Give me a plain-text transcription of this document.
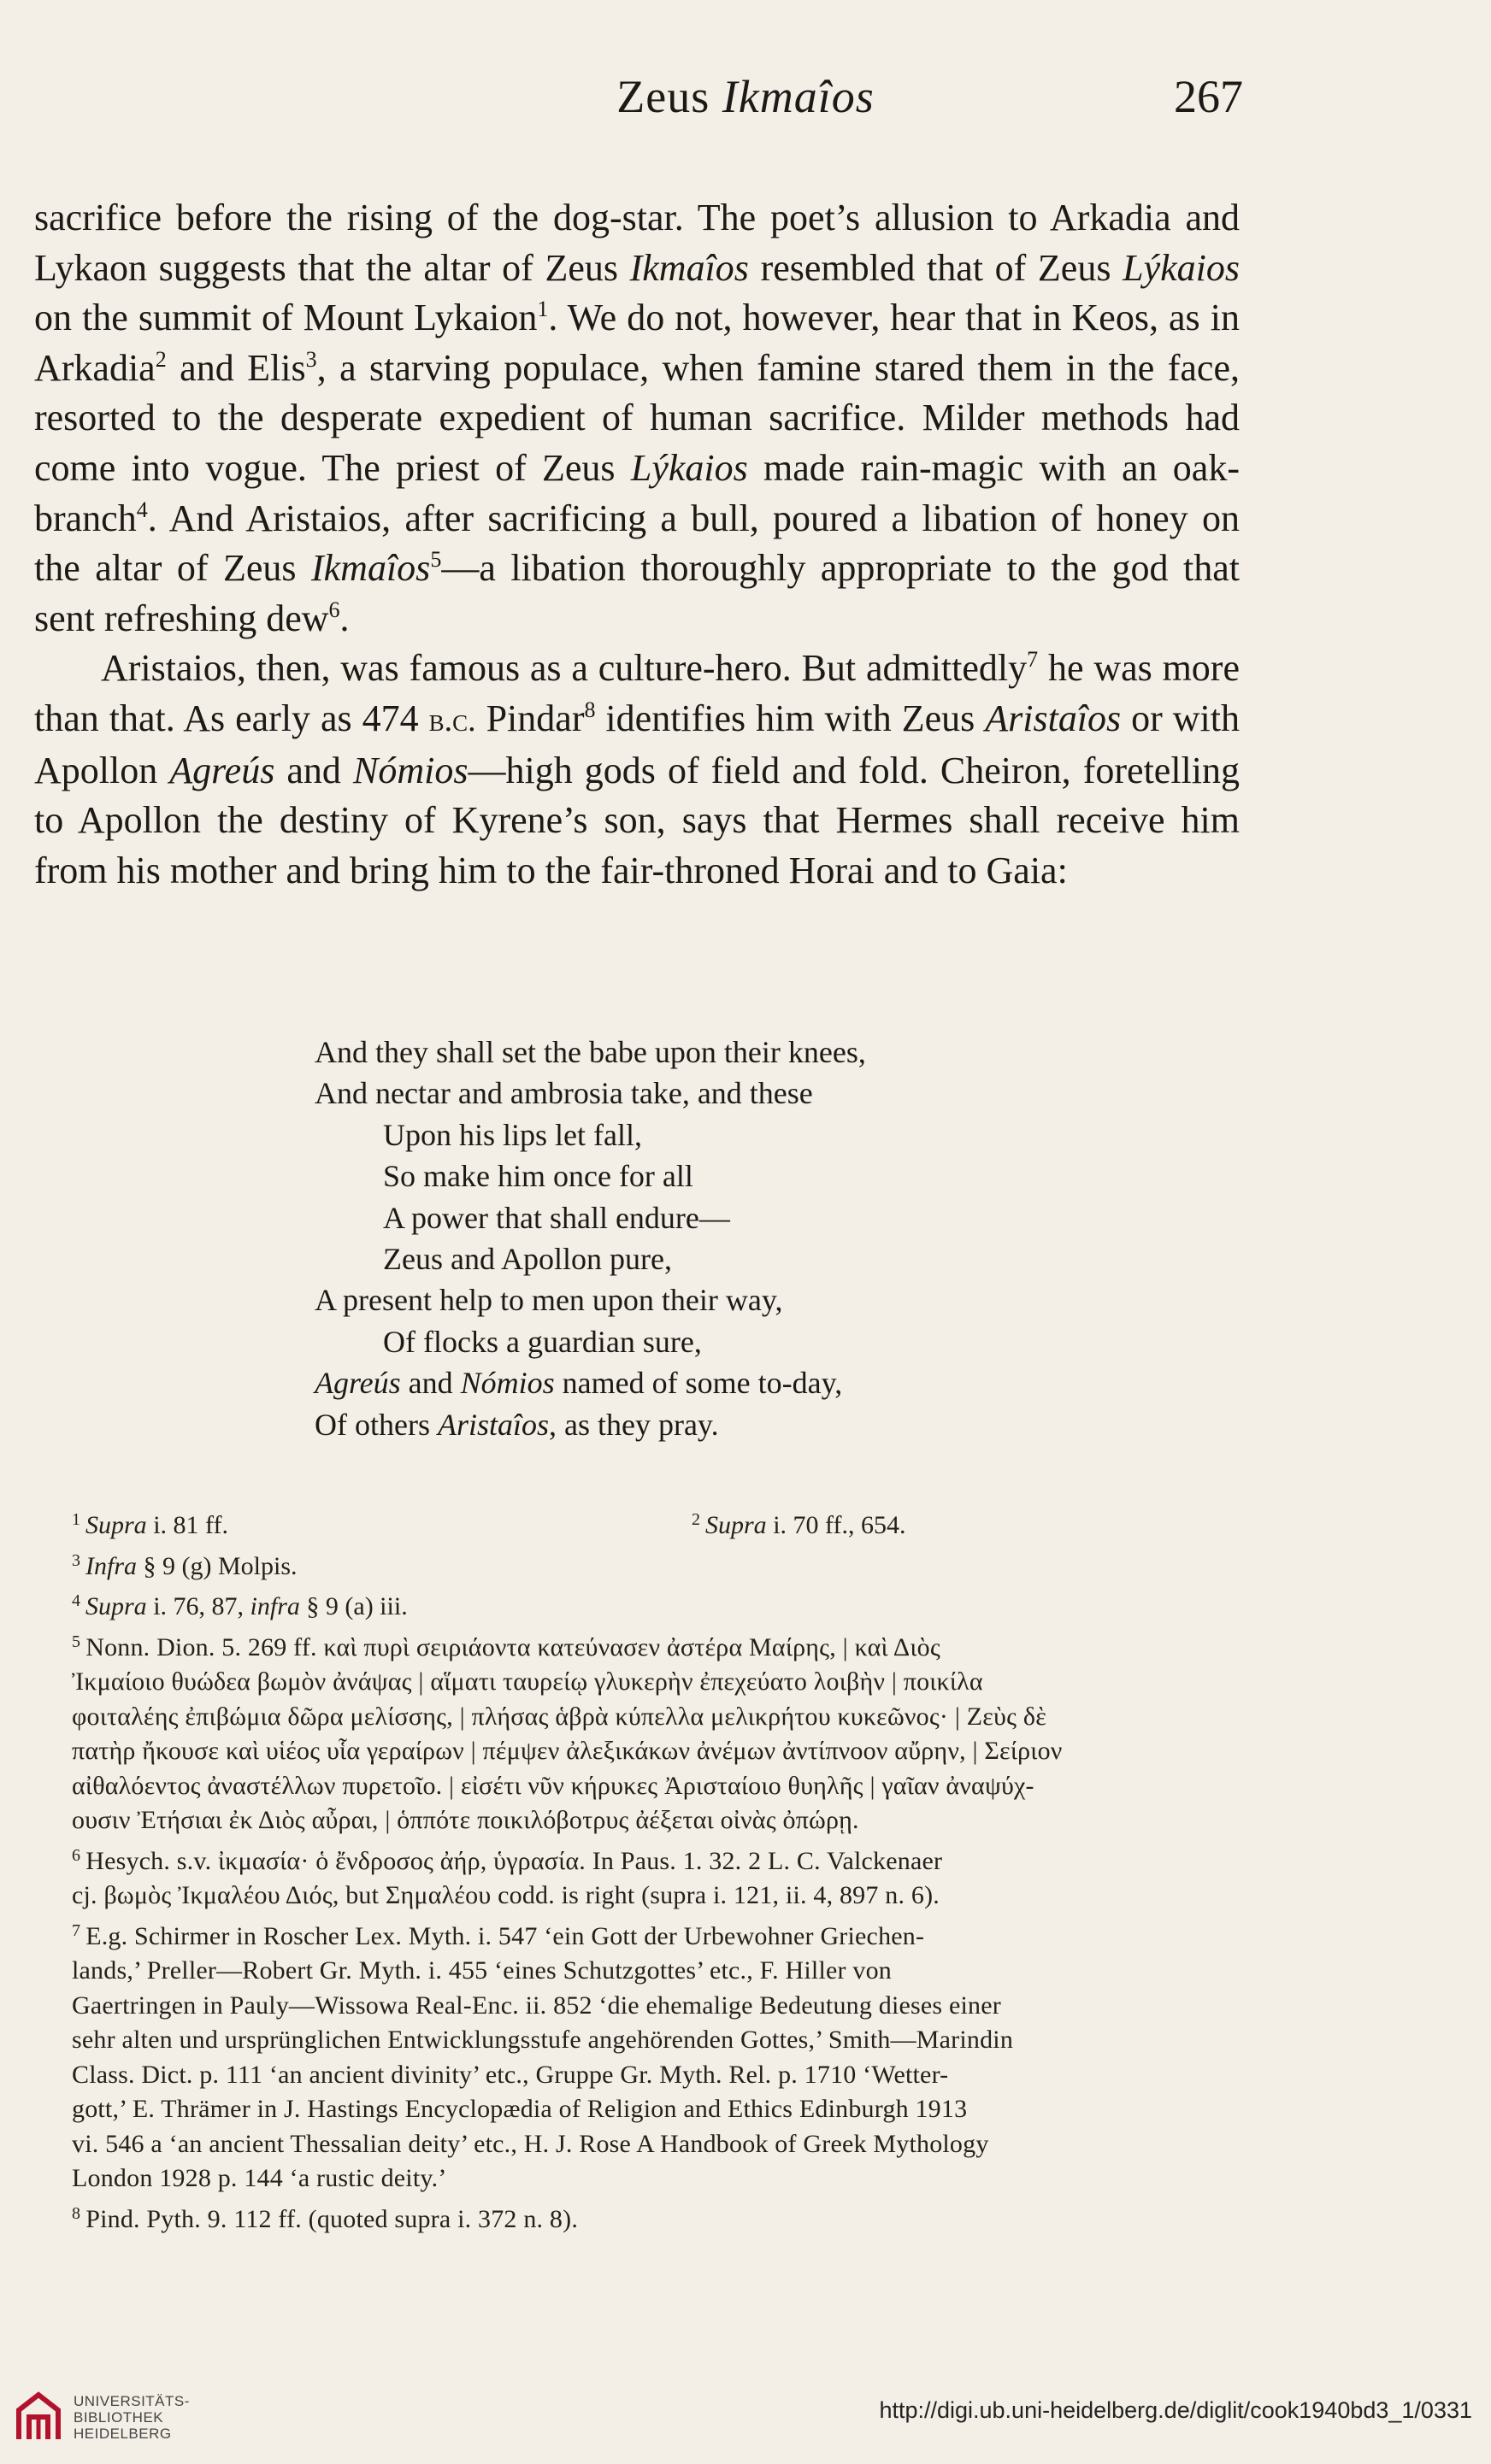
Zeus Ikmaîos	267

sacrifice before the rising of the dog-star. The poet’s allusion to Arkadia and Lykaon suggests that the altar of Zeus Ikmaîos resembled that of Zeus Lýkaios on the summit of Mount Lykaion$^1$. We do not, however, hear that in Keos, as in Arkadia$^2$ and Elis$^3$, a starving populace, when famine stared them in the face, resorted to the desperate expedient of human sacrifice. Milder methods had come into vogue. The priest of Zeus Lýkaios made rain-magic with an oak-branch$^4$. And Aristaios, after sacrificing a bull, poured a libation of honey on the altar of Zeus Ikmaîos$^5$—a libation thoroughly appropriate to the god that sent refreshing dew$^6$.

Aristaios, then, was famous as a culture-hero. But admittedly$^7$ he was more than that. As early as 474 b.c. Pindar$^8$ identifies him with Zeus Aristaîos or with Apollon Agreús and Nómios—high gods of field and fold. Cheiron, foretelling to Apollon the destiny of Kyrene’s son, says that Hermes shall receive him from his mother and bring him to the fair-throned Horai and to Gaia:

And they shall set the babe upon their knees,
And nectar and ambrosia take, and these
Upon his lips let fall,
So make him once for all
A power that shall endure—
Zeus and Apollon pure,
A present help to men upon their way,
Of flocks a guardian sure,
Agreús and Nómios named of some to-day,
Of others Aristaîos, as they pray.
$^1$ Supra i. 81 ff.	$^2$ Supra i. 70 ff., 654.
$^3$ Infra § 9 (g) Molpis.
$^4$ Supra i. 76, 87, infra § 9 (a) iii.
$^5$ Nonn. Dion. 5. 269 ff. καὶ πυρὶ σειριάοντα κατεύνασεν ἀστέρα Μαίρης, | καὶ Διὸς
Ἰκμαίοιο θυώδεα βωμὸν ἀνάψας | αἵματι ταυρείῳ γλυκερὴν ἐπεχεύατο λοιβὴν | ποικίλα
φοιταλέης ἐπιβώμια δῶρα μελίσσης, | πλήσας ἁβρὰ κύπελλα μελικρήτου κυκεῶνος· | Ζεὺς δὲ
πατὴρ ἤκουσε καὶ υἱέος υἷα γεραίρων | πέμψεν ἀλεξικάκων ἀνέμων ἀντίπνοον αὔρην, | Σείριον
αἰθαλόεντος ἀναστέλλων πυρετοῖο. | εἰσέτι νῦν κήρυκες Ἀρισταίοιο θυηλῆς | γαῖαν ἀναψύχ-
ουσιν Ἐτήσιαι ἐκ Διὸς αὖραι, | ὁππότε ποικιλόβοτρυς ἀέξεται οἰνὰς ὀπώρῃ.
$^6$ Hesych. s.v. ἰκμασία· ὁ ἔνδροσος ἀήρ, ὑγρασία. In Paus. 1. 32. 2 L. C. Valckenaer
cj. βωμὸς Ἰκμαλέου Διός, but Σημαλέου codd. is right (supra i. 121, ii. 4, 897 n. 6).
$^7$ E.g. Schirmer in Roscher Lex. Myth. i. 547 ‘ein Gott der Urbewohner Griechen-
lands,’ Preller—Robert Gr. Myth. i. 455 ‘eines Schutzgottes’ etc., F. Hiller von
Gaertringen in Pauly—Wissowa Real-Enc. ii. 852 ‘die ehemalige Bedeutung dieses einer
sehr alten und ursprünglichen Entwicklungsstufe angehörenden Gottes,’ Smith—Marindin
Class. Dict. p. 111 ‘an ancient divinity’ etc., Gruppe Gr. Myth. Rel. p. 1710 ‘Wetter-
gott,’ E. Thrämer in J. Hastings Encyclopædia of Religion and Ethics Edinburgh 1913
vi. 546 a ‘an ancient Thessalian deity’ etc., H. J. Rose A Handbook of Greek Mythology
London 1928 p. 144 ‘a rustic deity.’
$^8$ Pind. Pyth. 9. 112 ff. (quoted supra i. 372 n. 8).
UNIVERSITÄTS-
BIBLIOTHEK
HEIDELBERG
http://digi.ub.uni-heidelberg.de/diglit/cook1940bd3_1/0331
